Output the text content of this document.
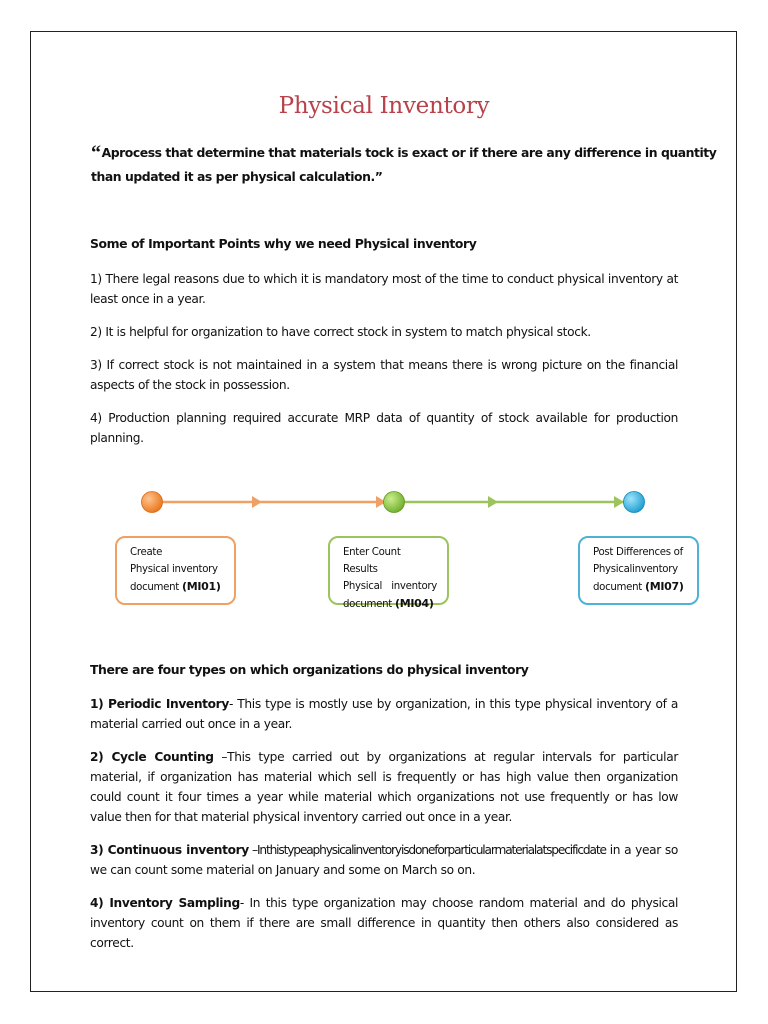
Physical Inventory
“Aprocess that determine that materials tock is exact or if there are any difference in quantity than updated it as per physical calculation.”
Some of Important Points why we need Physical inventory
1) There legal reasons due to which it is mandatory most of the time to conduct physical inventory at least once in a year.
2) It is helpful for organization to have correct stock in system to match physical stock.
3) If correct stock is not maintained in a system that means there is wrong picture on the financial aspects of the stock in possession.
4) Production planning required accurate MRP data of quantity of stock available for production planning.
Create
Physical inventory
document (MI01)
Enter Count Results
Physical inventory
document (MI04)
Post Differences of
Physicalinventory
document (MI07)
There are four types on which organizations do physical inventory
1) Periodic Inventory- This type is mostly use by organization, in this type physical inventory of a material carried out once in a year.
2) Cycle Counting –This type carried out by organizations at regular intervals for particular material, if organization has material which sell is frequently or has high value then organization could count it four times a year while material which organizations not use frequently or has low value then for that material physical inventory carried out once in a year.
3) Continuous inventory –Inthistypeaphysicalinventoryisdoneforparticularmaterialatspecificdate in a year so we can count some material on January and some on March so on.
4) Inventory Sampling- In this type organization may choose random material and do physical inventory count on them if there are small difference in quantity then others also considered as correct.
